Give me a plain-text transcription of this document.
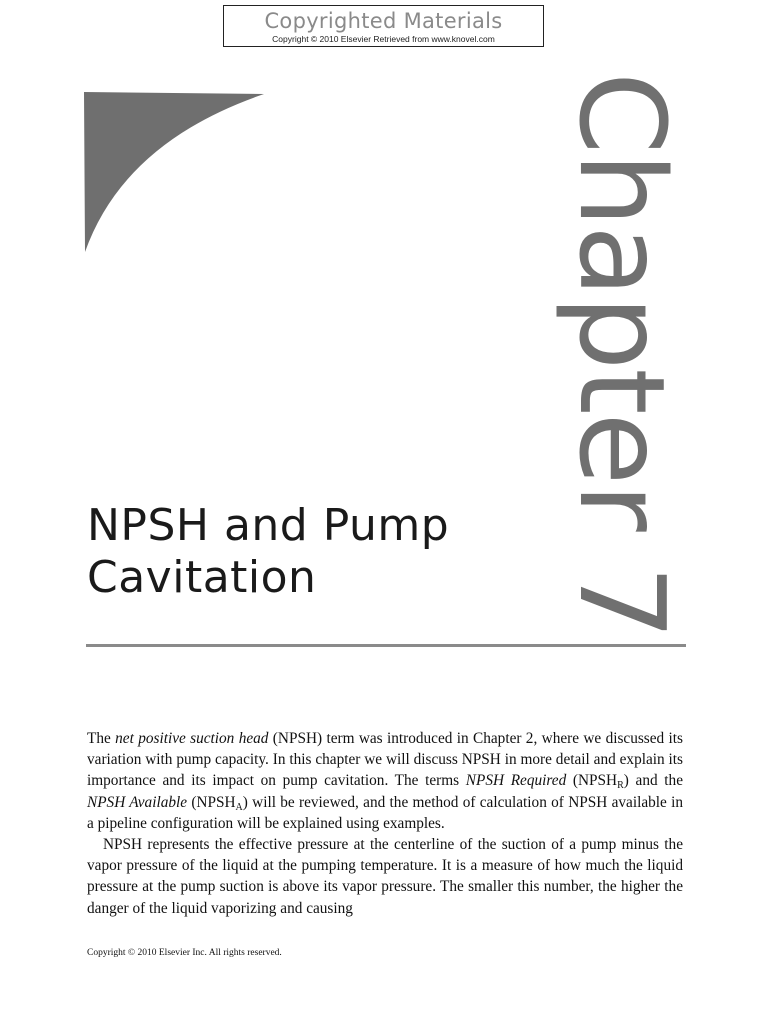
Copyrighted Materials
Copyright © 2010 Elsevier Retrieved from www.knovel.com
Chapter 7
NPSH and Pump
Cavitation

The net positive suction head (NPSH) term was introduced in Chapter 2, where we discussed its variation with pump capacity. In this chapter we will discuss NPSH in more detail and explain its importance and its impact on pump cavitation. The terms NPSH Required $(NPSH_R)$ and the NPSH Available $(NPSH_A)$ will be reviewed, and the method of calculation of NPSH available in a pipeline configuration will be explained using examples.

NPSH represents the effective pressure at the centerline of the suction of a pump minus the vapor pressure of the liquid at the pumping temperature. It is a measure of how much the liquid pressure at the pump suction is above its vapor pressure. The smaller this number, the higher the danger of the liquid vaporizing and causing

Copyright © 2010 Elsevier Inc. All rights reserved.
